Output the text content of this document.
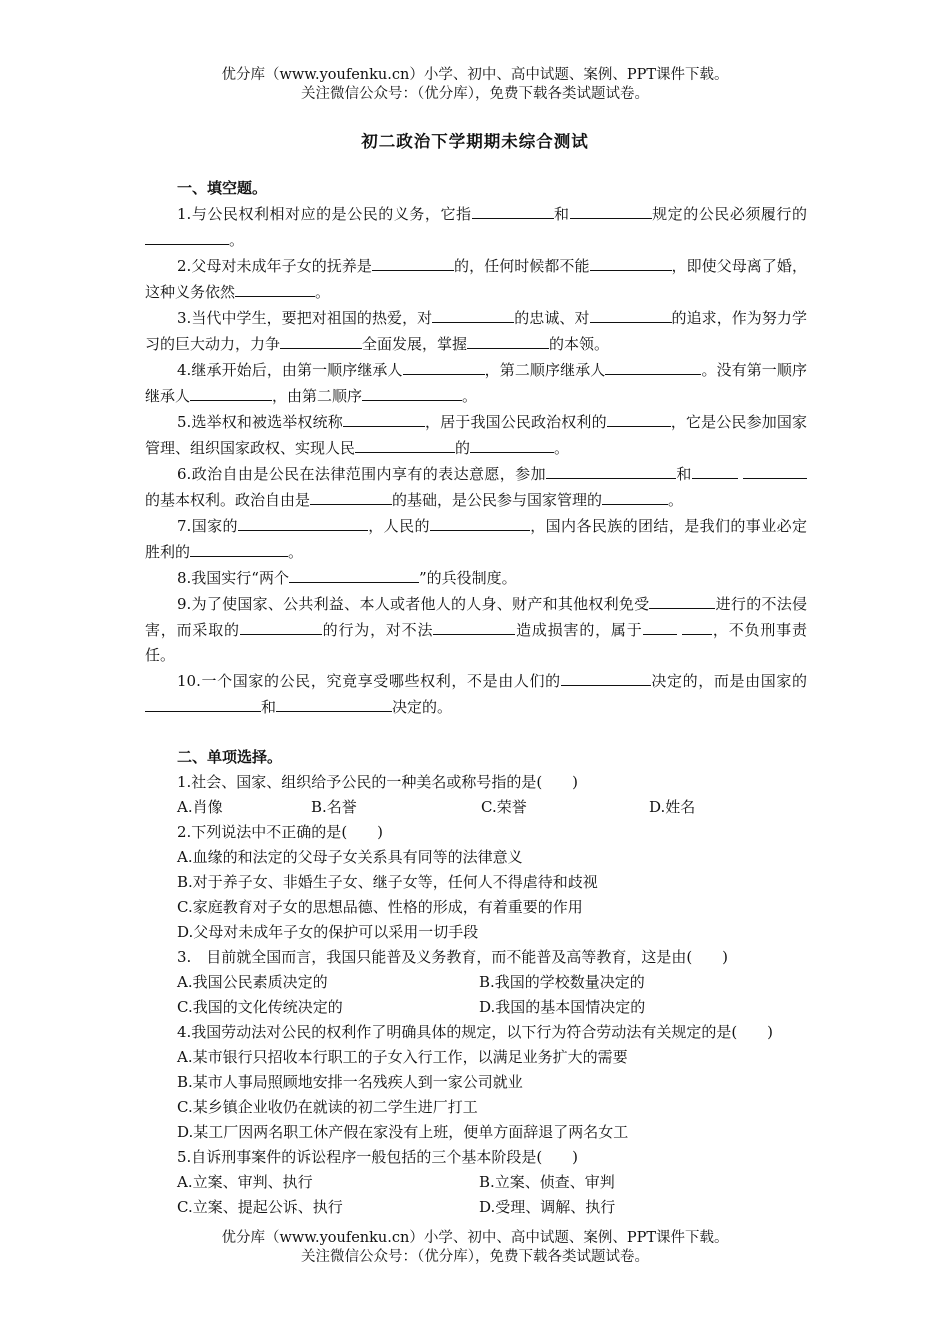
优分库（www.youfenku.cn）小学、初中、高中试题、案例、PPT课件下载。
关注微信公众号：（优分库），免费下载各类试题试卷。
初二政治下学期期未综合测试
一、填空题。
1.与公民权利相对应的是公民的义务，它指	和	规定的公民必须履行的。
2.父母对未成年子女的抚养是	的，任何时候都不能	，即使父母离了婚，这种义务依然	。
3.当代中学生，要把对祖国的热爱，对	的忠诚、对	的追求，作为努力学习的巨大动力，力争	全面发展，掌握	的本领。
4.继承开始后，由第一顺序继承人	，第二顺序继承人	。没有第一顺序继承人	，由第二顺序	。
5.选举权和被选举权统称	，居于我国公民政治权利的	，它是公民参加国家管理、组织国家政权、实现人民	的	。
6.政治自由是公民在法律范围内享有的表达意愿，参加	和 的基本权利。政治自由是	的基础，是公民参与国家管理的	。
7.国家的	，人民的	，国内各民族的团结，是我们的事业必定胜利的	。
8.我国实行“两个	”的兵役制度。
9.为了使国家、公共利益、本人或者他人的人身、财产和其他权利免受	进行的不法侵害，而采取的	的行为，对不法	造成损害的，属于	，不负刑事责任。
10.一个国家的公民，究竟享受哪些权利，不是由人们的	决定的，而是由国家的和	决定的。
二、单项选择。
1.社会、国家、组织给予公民的一种美名或称号指的是(　　)
A.肖像	B.名誉	C.荣誉	D.姓名
2.下列说法中不正确的是(　　)
A.血缘的和法定的父母子女关系具有同等的法律意义
B.对于养子女、非婚生子女、继子女等，任何人不得虐待和歧视
C.家庭教育对子女的思想品德、性格的形成，有着重要的作用
D.父母对未成年子女的保护可以采用一切手段
3.　目前就全国而言，我国只能普及义务教育，而不能普及高等教育，这是由(　　)
A.我国公民素质决定的	B.我国的学校数量决定的
C.我国的文化传统决定的	D.我国的基本国情决定的
4.我国劳动法对公民的权利作了明确具体的规定，以下行为符合劳动法有关规定的是(　　)
A.某市银行只招收本行职工的子女入行工作，以满足业务扩大的需要
B.某市人事局照顾地安排一名残疾人到一家公司就业
C.某乡镇企业收仍在就读的初二学生进厂打工
D.某工厂因两名职工休产假在家没有上班，便单方面辞退了两名女工
5.自诉刑事案件的诉讼程序一般包括的三个基本阶段是(　　)
A.立案、审判、执行	B.立案、侦查、审判
C.立案、提起公诉、执行	D.受理、调解、执行
优分库（www.youfenku.cn）小学、初中、高中试题、案例、PPT课件下载。
关注微信公众号：（优分库），免费下载各类试题试卷。
